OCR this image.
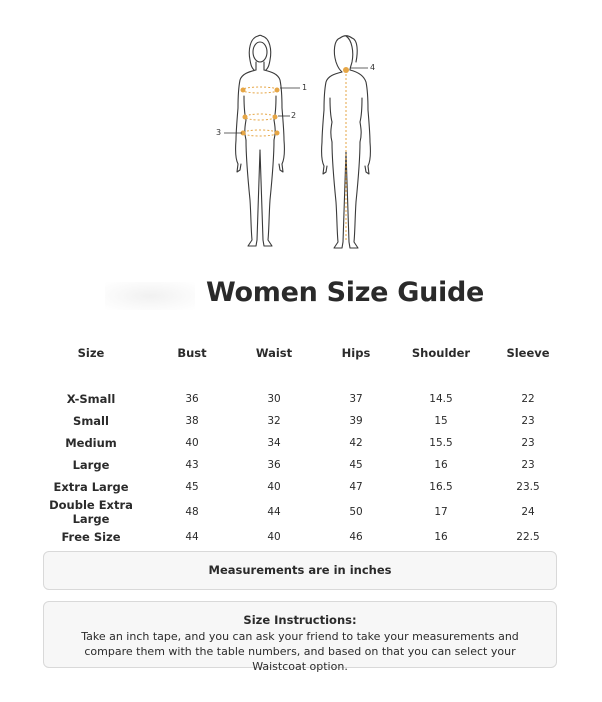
1
2
3
4
Women Size Guide
Size	Bust	Waist	Hips	Shoulder	Sleeve

X-Small	36	30	37	14.5	22
Small	38	32	39	15	23
Medium	40	34	42	15.5	23
Large	43	36	45	16	23
Extra Large	45	40	47	16.5	23.5
Double Extra Large	48	44	50	17	24
Free Size	44	40	46	16	22.5
Measurements are in inches
Size Instructions:
Take an inch tape, and you can ask your friend to take your measurements and compare them with the table numbers, and based on that you can select your Waistcoat option.
